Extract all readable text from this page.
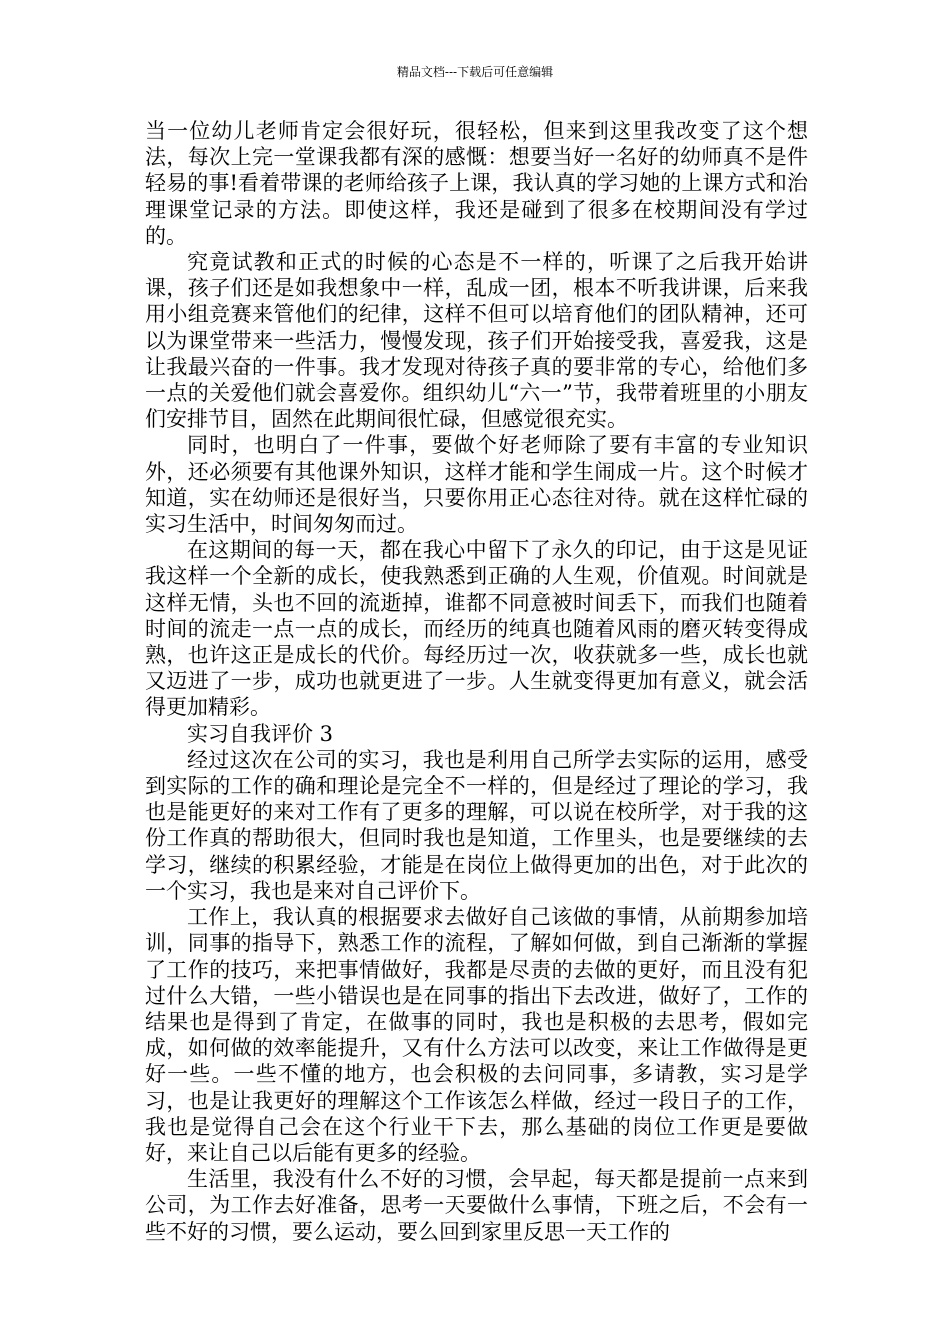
精品文档---下载后可任意编辑

当一位幼儿老师肯定会很好玩，很轻松，但来到这里我改变了这个想法，每次上完一堂课我都有深的感慨：想要当好一名好的幼师真不是件轻易的事!看着带课的老师给孩子上课，我认真的学习她的上课方式和治理课堂记录的方法。即使这样，我还是碰到了很多在校期间没有学过的。

究竟试教和正式的时候的心态是不一样的，听课了之后我开始讲课，孩子们还是如我想象中一样，乱成一团，根本不听我讲课，后来我用小组竞赛来管他们的纪律，这样不但可以培育他们的团队精神，还可以为课堂带来一些活力，慢慢发现，孩子们开始接受我，喜爱我，这是让我最兴奋的一件事。我才发现对待孩子真的要非常的专心，给他们多一点的关爱他们就会喜爱你。组织幼儿“六一”节，我带着班里的小朋友们安排节目，固然在此期间很忙碌，但感觉很充实。

同时，也明白了一件事，要做个好老师除了要有丰富的专业知识外，还必须要有其他课外知识，这样才能和学生闹成一片。这个时候才知道，实在幼师还是很好当，只要你用正心态往对待。就在这样忙碌的实习生活中，时间匆匆而过。

在这期间的每一天，都在我心中留下了永久的印记，由于这是见证我这样一个全新的成长，使我熟悉到正确的人生观，价值观。时间就是这样无情，头也不回的流逝掉，谁都不同意被时间丢下，而我们也随着时间的流走一点一点的成长，而经历的纯真也随着风雨的磨灭转变得成熟，也许这正是成长的代价。每经历过一次，收获就多一些，成长也就又迈进了一步，成功也就更进了一步。人生就变得更加有意义，就会活得更加精彩。

实习自我评价 3

经过这次在公司的实习，我也是利用自己所学去实际的运用，感受到实际的工作的确和理论是完全不一样的，但是经过了理论的学习，我也是能更好的来对工作有了更多的理解，可以说在校所学，对于我的这份工作真的帮助很大，但同时我也是知道，工作里头，也是要继续的去学习，继续的积累经验，才能是在岗位上做得更加的出色，对于此次的一个实习，我也是来对自己评价下。

工作上，我认真的根据要求去做好自己该做的事情，从前期参加培训，同事的指导下，熟悉工作的流程，了解如何做，到自己渐渐的掌握了工作的技巧，来把事情做好，我都是尽责的去做的更好，而且没有犯过什么大错，一些小错误也是在同事的指出下去改进，做好了，工作的结果也是得到了肯定，在做事的同时，我也是积极的去思考，假如完成，如何做的效率能提升，又有什么方法可以改变，来让工作做得是更好一些。一些不懂的地方，也会积极的去问同事，多请教，实习是学习，也是让我更好的理解这个工作该怎么样做，经过一段日子的工作，我也是觉得自己会在这个行业干下去，那么基础的岗位工作更是要做好，来让自己以后能有更多的经验。

生活里，我没有什么不好的习惯，会早起，每天都是提前一点来到公司，为工作去好准备，思考一天要做什么事情，下班之后，不会有一些不好的习惯，要么运动，要么回到家里反思一天工作的
